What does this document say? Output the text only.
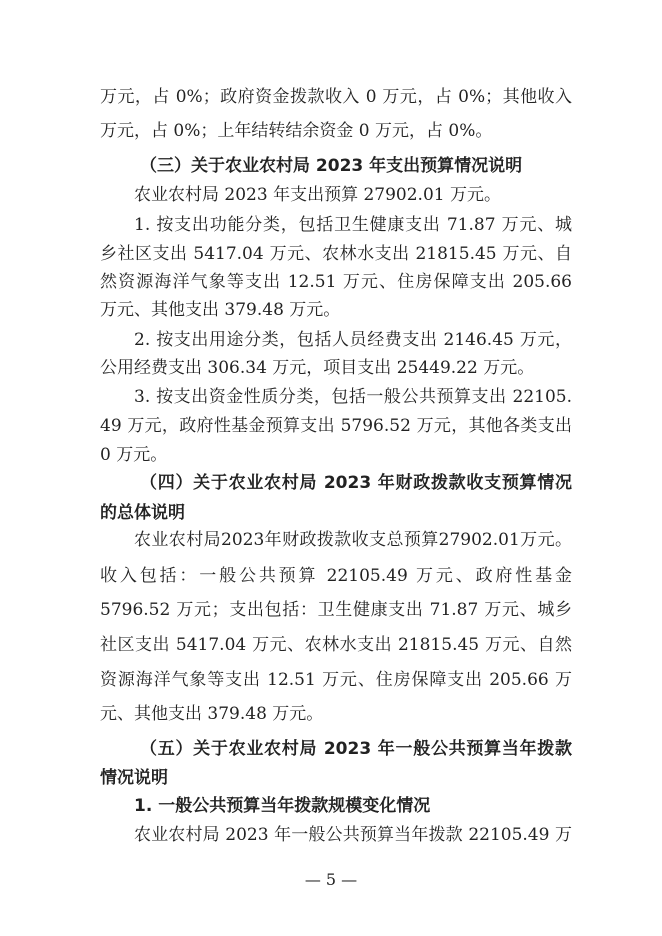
万元，占 0%；政府资金拨款收入 0 万元，占 0%；其他收入
万元，占 0%；上年结转结余资金 0 万元，占 0%。
（三）关于农业农村局 2023 年支出预算情况说明
农业农村局 2023 年支出预算 27902.01 万元。
1. 按支出功能分类，包括卫生健康支出 71.87 万元、城
乡社区支出 5417.04 万元、农林水支出 21815.45 万元、自
然资源海洋气象等支出 12.51 万元、住房保障支出 205.66
万元、其他支出 379.48 万元。
2. 按支出用途分类，包括人员经费支出 2146.45 万元，
公用经费支出 306.34 万元，项目支出 25449.22 万元。
3. 按支出资金性质分类，包括一般公共预算支出 22105.
49 万元，政府性基金预算支出 5796.52 万元，其他各类支出
0 万元。
（四）关于农业农村局 2023 年财政拨款收支预算情况
的总体说明
农业农村局2023年财政拨款收支总预算27902.01万元。
收入包括：一般公共预算 22105.49 万元、政府性基金
5796.52 万元；支出包括：卫生健康支出 71.87 万元、城乡
社区支出 5417.04 万元、农林水支出 21815.45 万元、自然
资源海洋气象等支出 12.51 万元、住房保障支出 205.66 万
元、其他支出 379.48 万元。
（五）关于农业农村局 2023 年一般公共预算当年拨款
情况说明
1. 一般公共预算当年拨款规模变化情况
农业农村局 2023 年一般公共预算当年拨款 22105.49 万
— 5 —
